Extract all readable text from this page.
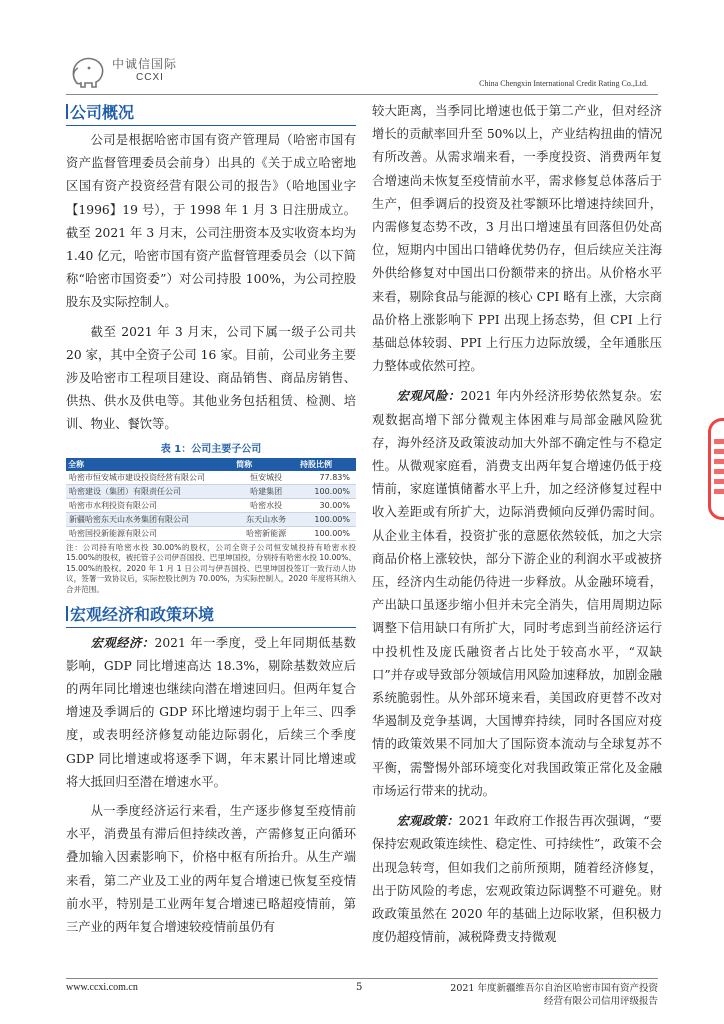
中诚信国际
CCXI
China Chengxin International Credit Rating Co.,Ltd.
公司概况

公司是根据哈密市国有资产管理局（哈密市国有资产监督管理委员会前身）出具的《关于成立哈密地区国有资产投资经营有限公司的报告》（哈地国业字【1996】19 号），于 1998 年 1 月 3 日注册成立。截至 2021 年 3 月末，公司注册资本及实收资本均为 1.40 亿元，哈密市国有资产监督管理委员会（以下简称“哈密市国资委”）对公司持股 100%，为公司控股股东及实际控制人。

截至 2021 年 3 月末，公司下属一级子公司共 20 家，其中全资子公司 16 家。目前，公司业务主要涉及哈密市工程项目建设、商品销售、商品房销售、供热、供水及供电等。其他业务包括租赁、检测、培训、物业、餐饮等。

表 1：公司主要子公司
全称	简称	持股比例
哈密市恒安城市建设投资经营有限公司	恒安城投	77.83%
哈密建设（集团）有限责任公司	哈建集团	100.00%
哈密市水利投资有限公司	哈密水投	30.00%
新疆哈密东天山水务集团有限公司	东天山水务	100.00%
哈密国投新能源有限公司	哈密新能源	100.00%
注：公司持有哈密水投 30.00%的股权，公司全资子公司恒安城投持有哈密水投 15.00%的股权，被托管子公司伊吾国投、巴里坤国投，分别持有哈密水投 10.00%、15.00%的股权。2020 年 1 月 1 日公司与伊吾国投、巴里坤国投签订一致行动人协议，签署一致协议后，实际控股比例为 70.00%，为实际控制人，2020 年度将其纳入合并范围。
宏观经济和政策环境

宏观经济：2021 年一季度，受上年同期低基数影响，GDP 同比增速高达 18.3%，剔除基数效应后的两年同比增速也继续向潜在增速回归。但两年复合增速及季调后的 GDP 环比增速均弱于上年三、四季度，或表明经济修复动能边际弱化，后续三个季度 GDP 同比增速或将逐季下调，年末累计同比增速或将大抵回归至潜在增速水平。

从一季度经济运行来看，生产逐步修复至疫情前水平，消费虽有滞后但持续改善，产需修复正向循环叠加输入因素影响下，价格中枢有所抬升。从生产端来看，第二产业及工业的两年复合增速已恢复至疫情前水平，特别是工业两年复合增速已略超疫情前，第三产业的两年复合增速较疫情前虽仍有

较大距离，当季同比增速也低于第二产业，但对经济增长的贡献率回升至 50%以上，产业结构扭曲的情况有所改善。从需求端来看，一季度投资、消费两年复合增速尚未恢复至疫情前水平，需求修复总体落后于生产，但季调后的投资及社零额环比增速持续回升，内需修复态势不改，3 月出口增速虽有回落但仍处高位，短期内中国出口错峰优势仍存，但后续应关注海外供给修复对中国出口份额带来的挤出。从价格水平来看，剔除食品与能源的核心 CPI 略有上涨，大宗商品价格上涨影响下 PPI 出现上扬态势，但 CPI 上行基础总体较弱、PPI 上行压力边际放缓，全年通胀压力整体或依然可控。

宏观风险：2021 年内外经济形势依然复杂。宏观数据高增下部分微观主体困难与局部金融风险犹存，海外经济及政策波动加大外部不确定性与不稳定性。从微观家庭看，消费支出两年复合增速仍低于疫情前，家庭谨慎储蓄水平上升，加之经济修复过程中收入差距或有所扩大，边际消费倾向反弹仍需时间。从企业主体看，投资扩张的意愿依然较低，加之大宗商品价格上涨较快，部分下游企业的利润水平或被挤压，经济内生动能仍待进一步释放。从金融环境看，产出缺口虽逐步缩小但并未完全消失，信用周期边际调整下信用缺口有所扩大，同时考虑到当前经济运行中投机性及庞氏融资者占比处于较高水平，“双缺口”并存或导致部分领域信用风险加速释放，加剧金融系统脆弱性。从外部环境来看，美国政府更替不改对华遏制及竞争基调，大国博弈持续，同时各国应对疫情的政策效果不同加大了国际资本流动与全球复苏不平衡，需警惕外部环境变化对我国政策正常化及金融市场运行带来的扰动。

宏观政策：2021 年政府工作报告再次强调，“要保持宏观政策连续性、稳定性、可持续性”，政策不会出现急转弯，但如我们之前所预期，随着经济修复，出于防风险的考虑，宏观政策边际调整不可避免。财政政策虽然在 2020 年的基础上边际收紧，但积极力度仍超疫情前，减税降费支持微观

www.ccxi.com.cn	5	2021 年度新疆维吾尔自治区哈密市国有资产投资
经营有限公司信用评级报告
